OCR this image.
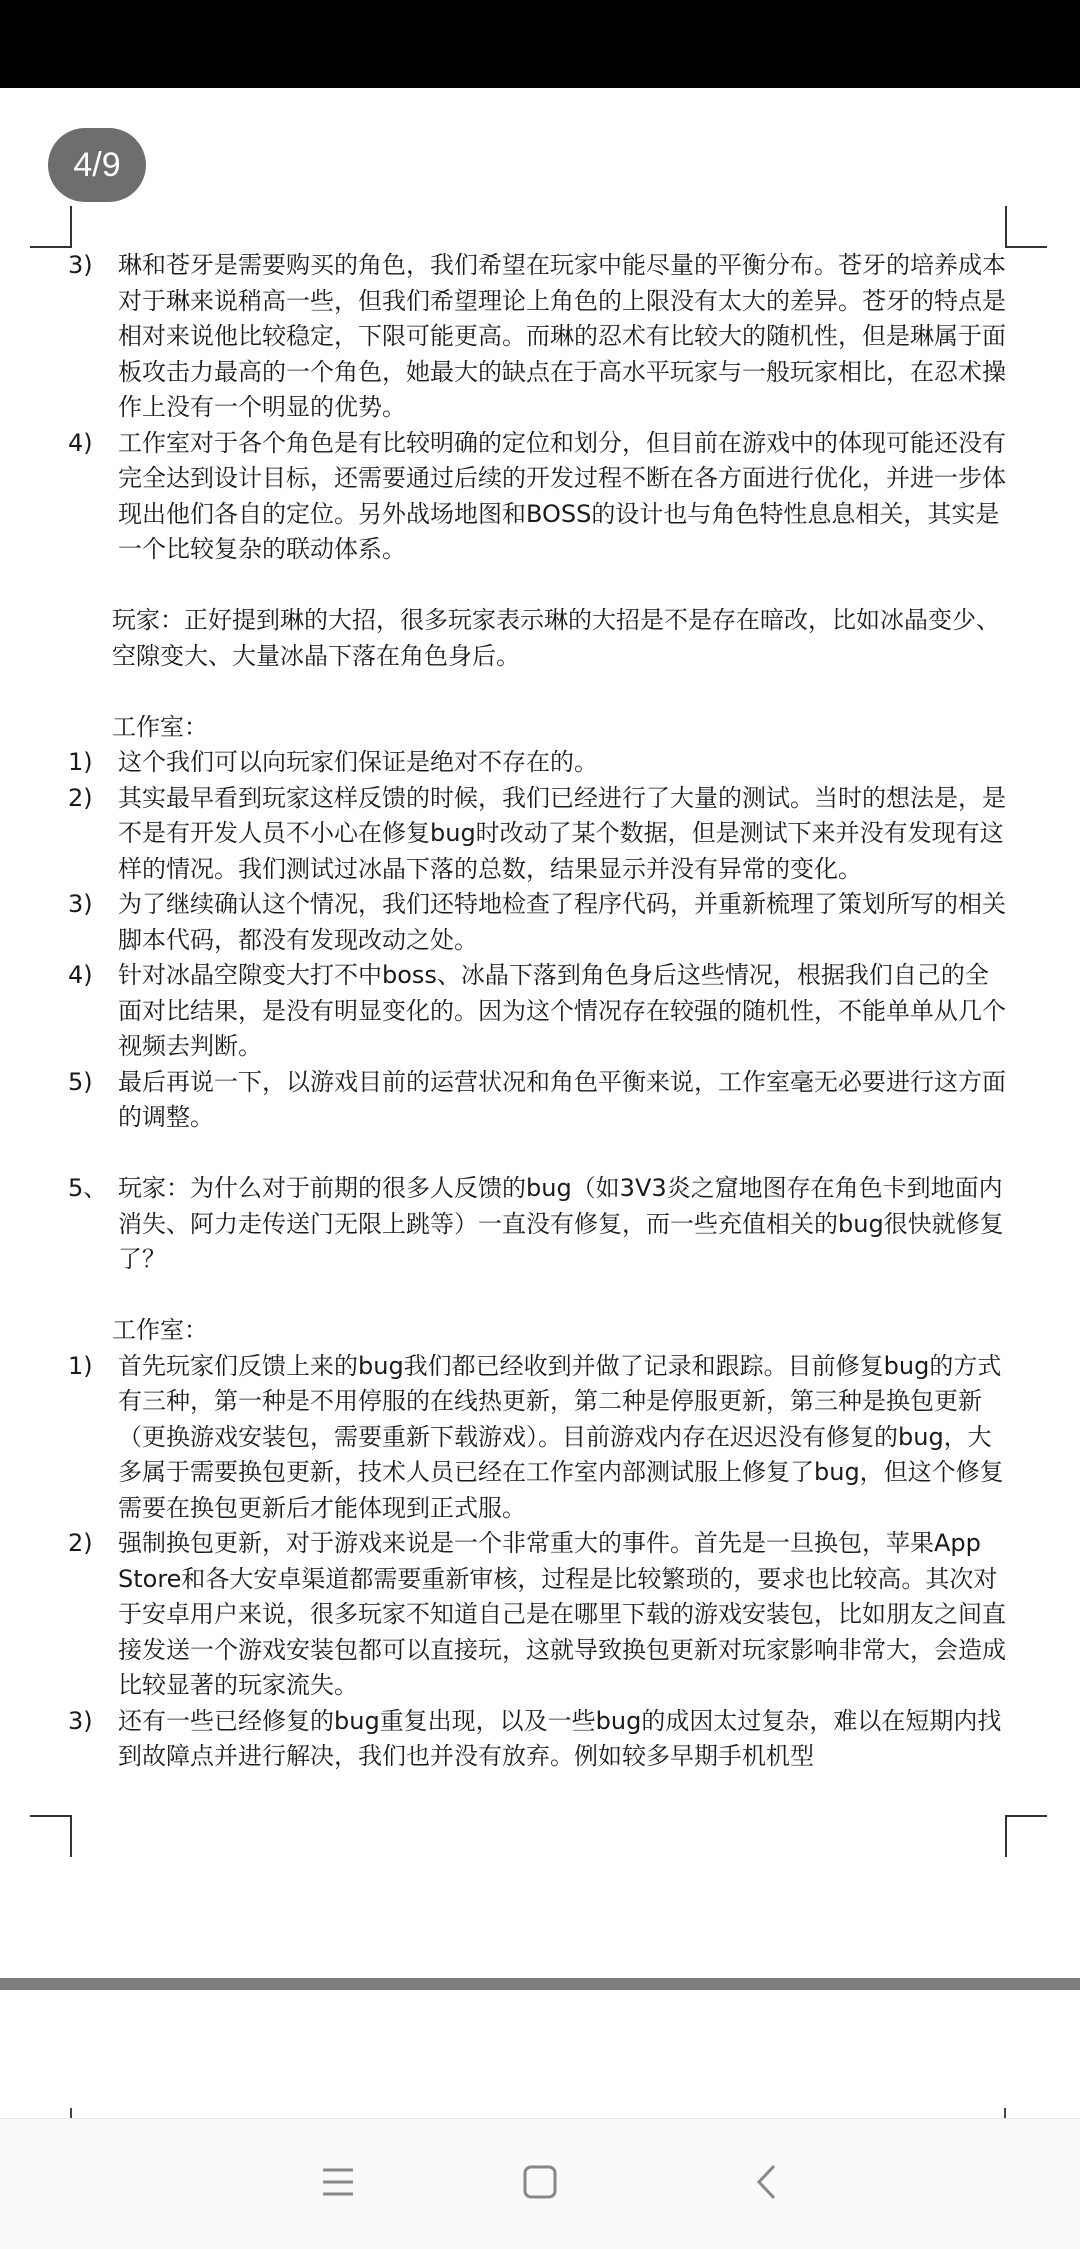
4/9
3)	琳和苍牙是需要购买的角色，我们希望在玩家中能尽量的平衡分布。苍牙的培养成本对于琳来说稍高一些，但我们希望理论上角色的上限没有太大的差异。苍牙的特点是相对来说他比较稳定，下限可能更高。而琳的忍术有比较大的随机性，但是琳属于面板攻击力最高的一个角色，她最大的缺点在于高水平玩家与一般玩家相比，在忍术操作上没有一个明显的优势。
4)	工作室对于各个角色是有比较明确的定位和划分，但目前在游戏中的体现可能还没有完全达到设计目标，还需要通过后续的开发过程不断在各方面进行优化，并进一步体现出他们各自的定位。另外战场地图和BOSS的设计也与角色特性息息相关，其实是一个比较复杂的联动体系。
玩家：正好提到琳的大招，很多玩家表示琳的大招是不是存在暗改，比如冰晶变少、空隙变大、大量冰晶下落在角色身后。
工作室：
1)	这个我们可以向玩家们保证是绝对不存在的。
2)	其实最早看到玩家这样反馈的时候，我们已经进行了大量的测试。当时的想法是，是不是有开发人员不小心在修复bug时改动了某个数据，但是测试下来并没有发现有这样的情况。我们测试过冰晶下落的总数，结果显示并没有异常的变化。
3)	为了继续确认这个情况，我们还特地检查了程序代码，并重新梳理了策划所写的相关脚本代码，都没有发现改动之处。
4)	针对冰晶空隙变大打不中boss、冰晶下落到角色身后这些情况，根据我们自己的全面对比结果，是没有明显变化的。因为这个情况存在较强的随机性，不能单单从几个视频去判断。
5)	最后再说一下，以游戏目前的运营状况和角色平衡来说，工作室毫无必要进行这方面的调整。
5、 玩家：为什么对于前期的很多人反馈的bug（如3V3炎之窟地图存在角色卡到地面内消失、阿力走传送门无限上跳等）一直没有修复，而一些充值相关的bug很快就修复了？
工作室：
1)	首先玩家们反馈上来的bug我们都已经收到并做了记录和跟踪。目前修复bug的方式有三种，第一种是不用停服的在线热更新，第二种是停服更新，第三种是换包更新（更换游戏安装包，需要重新下载游戏）。目前游戏内存在迟迟没有修复的bug，大多属于需要换包更新，技术人员已经在工作室内部测试服上修复了bug，但这个修复需要在换包更新后才能体现到正式服。
2)	强制换包更新，对于游戏来说是一个非常重大的事件。首先是一旦换包，苹果App Store和各大安卓渠道都需要重新审核，过程是比较繁琐的，要求也比较高。其次对于安卓用户来说，很多玩家不知道自己是在哪里下载的游戏安装包，比如朋友之间直接发送一个游戏安装包都可以直接玩，这就导致换包更新对玩家影响非常大，会造成比较显著的玩家流失。
3)	还有一些已经修复的bug重复出现，以及一些bug的成因太过复杂，难以在短期内找到故障点并进行解决，我们也并没有放弃。例如较多早期手机机型
